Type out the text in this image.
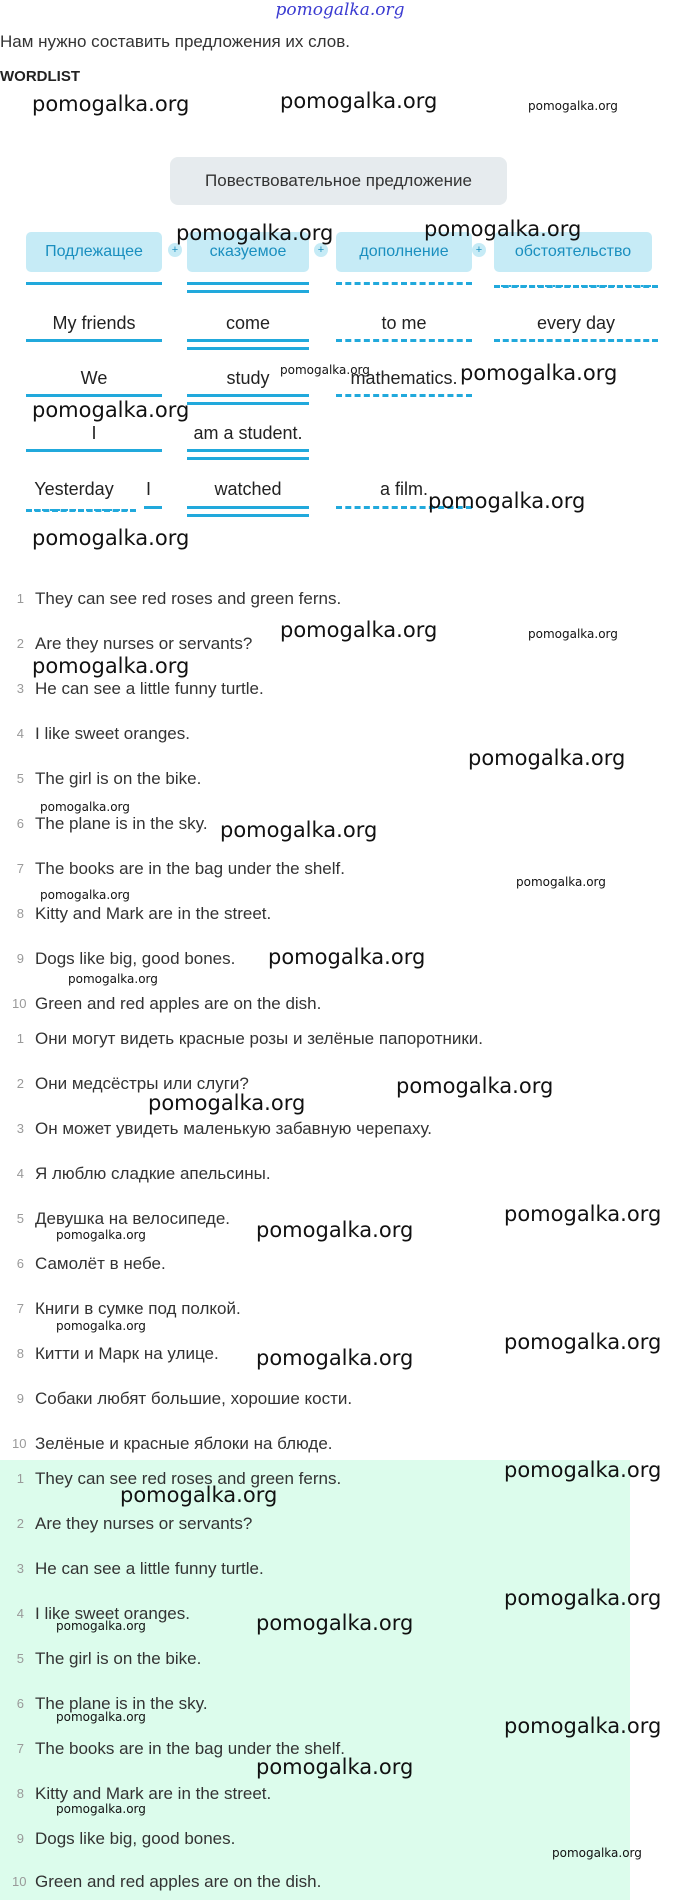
pomogalka.org
Нам нужно составить предложения их слов.
WORDLIST
Повествовательное предложение
Подлежащее	+	сказуемое	+	дополнение	+	обстоятельство
My friends	come	to me	every day
We	study	mathematics.
I	am a student.
Yesterday	I	watched	a film.
1 They can see red roses and green ferns.
2 Are they nurses or servants?
3 He can see a little funny turtle.
4 I like sweet oranges.
5 The girl is on the bike.
6 The plane is in the sky.
7 The books are in the bag under the shelf.
8 Kitty and Mark are in the street.
9 Dogs like big, good bones.
10 Green and red apples are on the dish.
1 Они могут видеть красные розы и зелёные папоротники.
2 Они медсёстры или слуги?
3 Он может увидеть маленькую забавную черепаху.
4 Я люблю сладкие апельсины.
5 Девушка на велосипеде.
6 Самолёт в небе.
7 Книги в сумке под полкой.
8 Китти и Марк на улице.
9 Собаки любят большие, хорошие кости.
10 Зелёные и красные яблоки на блюде.
1 They can see red roses and green ferns.
2 Are they nurses or servants?
3 He can see a little funny turtle.
4 I like sweet oranges.
5 The girl is on the bike.
6 The plane is in the sky.
7 The books are in the bag under the shelf.
8 Kitty and Mark are in the street.
9 Dogs like big, good bones.
10 Green and red apples are on the dish.
pomogalka.org	pomogalka.org	pomogalka.org
pomogalka.org	pomogalka.org
pomogalka.org	pomogalka.org
pomogalka.org
pomogalka.org
pomogalka.org
pomogalka.org	pomogalka.org
pomogalka.org
pomogalka.org
pomogalka.org
pomogalka.org
pomogalka.org
pomogalka.org
pomogalka.org
pomogalka.org
pomogalka.org
pomogalka.org
pomogalka.org
pomogalka.org	pomogalka.org
pomogalka.org
pomogalka.org
pomogalka.org
pomogalka.org
pomogalka.org
pomogalka.org
pomogalka.org	pomogalka.org
pomogalka.org	pomogalka.org
pomogalka.org
pomogalka.org
pomogalka.org
